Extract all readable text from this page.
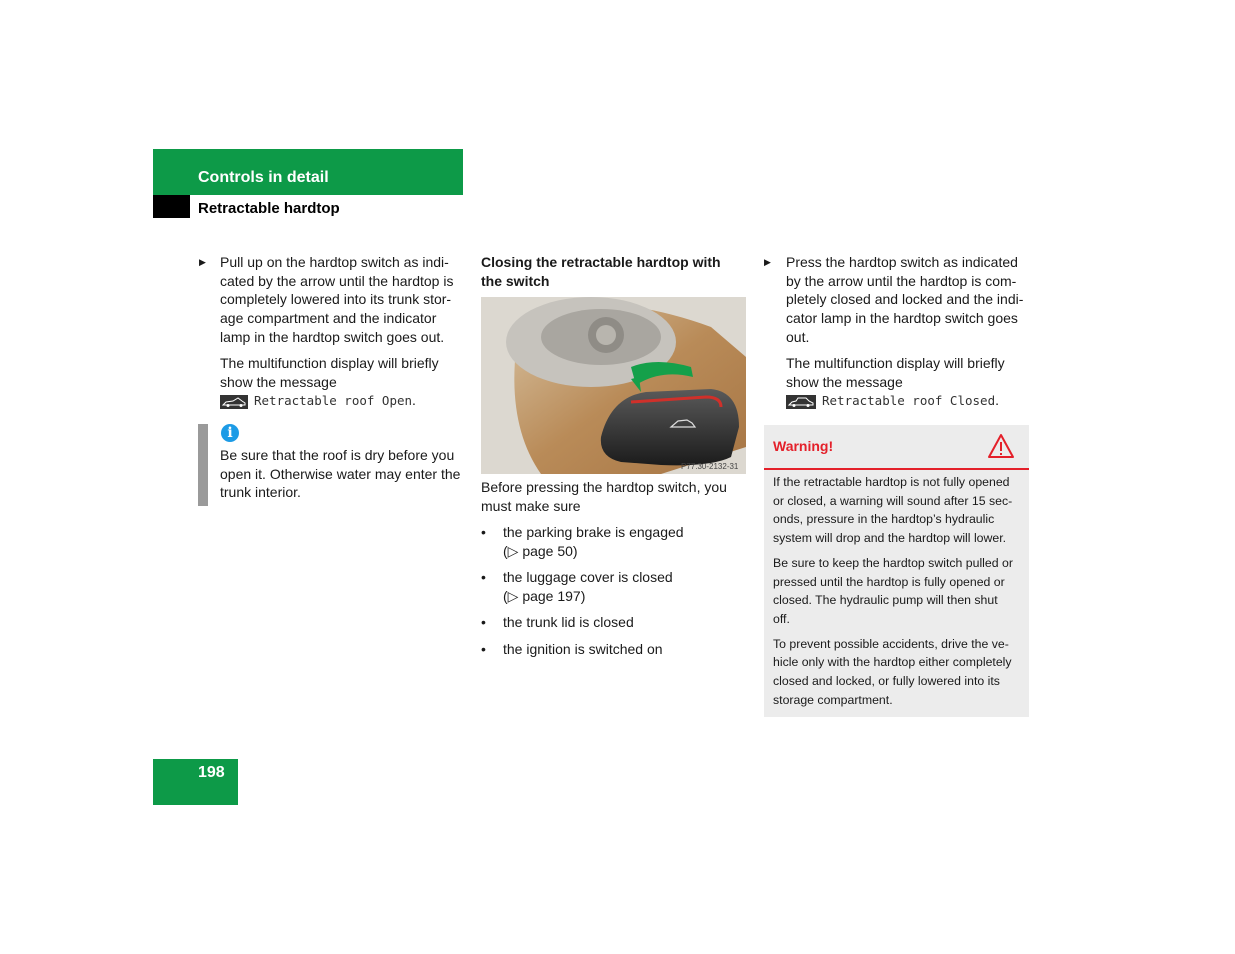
Controls in detail
Retractable hardtop
▶ Pull up on the hardtop switch as indi-
cated by the arrow until the hardtop is
completely lowered into its trunk stor-
age compartment and the indicator
lamp in the hardtop switch goes out.
The multifunction display will briefly
show the message
Retractable roof Open.
i
Be sure that the roof is dry before you
open it. Otherwise water may enter the
trunk interior.
Closing the retractable hardtop with
the switch
P77.30-2132-31
Before pressing the hardtop switch, you
must make sure
• the parking brake is engaged
(▷ page 50)
• the luggage cover is closed
(▷ page 197)
• the trunk lid is closed
• the ignition is switched on
▶ Press the hardtop switch as indicated
by the arrow until the hardtop is com-
pletely closed and locked and the indi-
cator lamp in the hardtop switch goes
out.
The multifunction display will briefly
show the message
Retractable roof Closed.
Warning!
If the retractable hardtop is not fully opened
or closed, a warning will sound after 15 sec-
onds, pressure in the hardtop’s hydraulic
system will drop and the hardtop will lower.
Be sure to keep the hardtop switch pulled or
pressed until the hardtop is fully opened or
closed. The hydraulic pump will then shut
off.
To prevent possible accidents, drive the ve-
hicle only with the hardtop either completely
closed and locked, or fully lowered into its
storage compartment.
198
